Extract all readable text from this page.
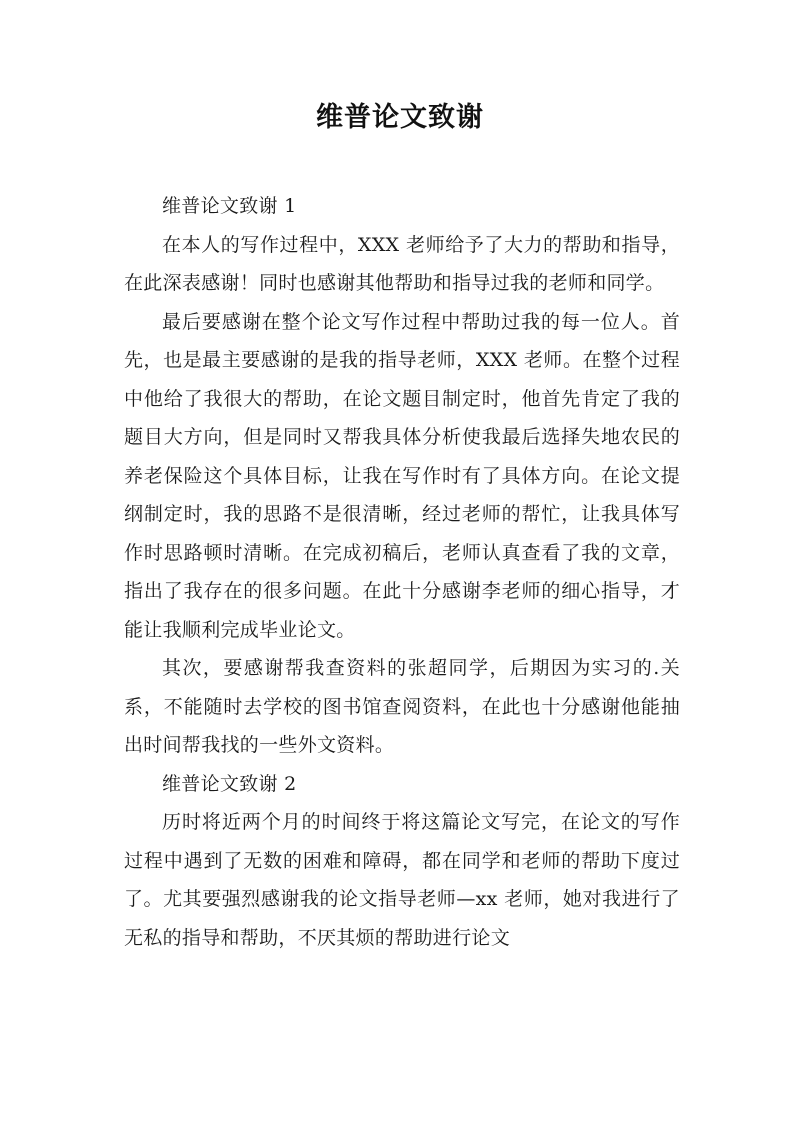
维普论文致谢

维普论文致谢 1

在本人的写作过程中，XXX 老师给予了大力的帮助和指导，在此深表感谢！同时也感谢其他帮助和指导过我的老师和同学。

最后要感谢在整个论文写作过程中帮助过我的每一位人。首先，也是最主要感谢的是我的指导老师，XXX 老师。在整个过程中他给了我很大的帮助，在论文题目制定时，他首先肯定了我的题目大方向，但是同时又帮我具体分析使我最后选择失地农民的养老保险这个具体目标，让我在写作时有了具体方向。在论文提纲制定时，我的思路不是很清晰，经过老师的帮忙，让我具体写作时思路顿时清晰。在完成初稿后，老师认真查看了我的文章，指出了我存在的很多问题。在此十分感谢李老师的细心指导，才能让我顺利完成毕业论文。

其次，要感谢帮我查资料的张超同学，后期因为实习的.关系，不能随时去学校的图书馆查阅资料，在此也十分感谢他能抽出时间帮我找的一些外文资料。

维普论文致谢 2

历时将近两个月的时间终于将这篇论文写完，在论文的写作过程中遇到了无数的困难和障碍，都在同学和老师的帮助下度过了。尤其要强烈感谢我的论文指导老师—xx 老师，她对我进行了无私的指导和帮助，不厌其烦的帮助进行论文
